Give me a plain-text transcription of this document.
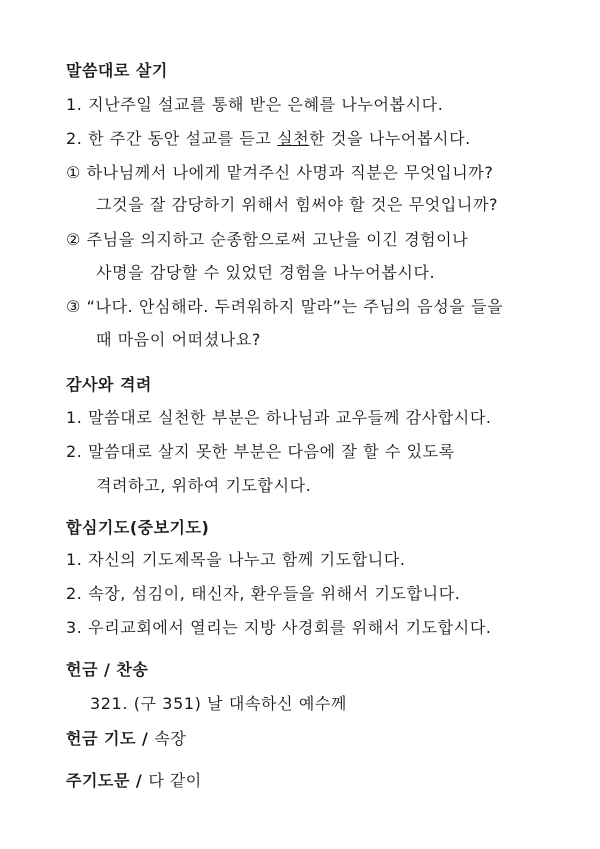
말씀대로 살기
1. 지난주일 설교를 통해 받은 은혜를 나누어봅시다.
2. 한 주간 동안 설교를 듣고 실천한 것을 나누어봅시다.
① 하나님께서 나에게 맡겨주신 사명과 직분은 무엇입니까?
그것을 잘 감당하기 위해서 힘써야 할 것은 무엇입니까?
② 주님을 의지하고 순종함으로써 고난을 이긴 경험이나
사명을 감당할 수 있었던 경험을 나누어봅시다.
③ “나다. 안심해라. 두려워하지 말라”는 주님의 음성을 들을
때 마음이 어떠셨나요?
감사와 격려
1. 말씀대로 실천한 부분은 하나님과 교우들께 감사합시다.
2. 말씀대로 살지 못한 부분은 다음에 잘 할 수 있도록
격려하고, 위하여 기도합시다.
합심기도(중보기도)
1. 자신의 기도제목을 나누고 함께 기도합니다.
2. 속장, 섬김이, 태신자, 환우들을 위해서 기도합니다.
3. 우리교회에서 열리는 지방 사경회를 위해서 기도합시다.
헌금 / 찬송
321. (구 351) 날 대속하신 예수께
헌금 기도 / 속장
주기도문 / 다 같이
